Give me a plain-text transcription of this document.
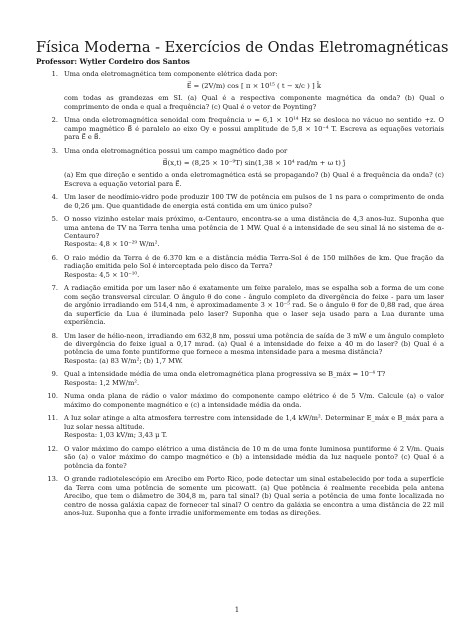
Física Moderna - Exercícios de Ondas Eletromagnéticas
Professor: Wytler Cordeiro dos Santos
1. Uma onda eletromagnética tem componente elétrica dada por:
E⃗ = (2V/m) cos [ π × 10¹⁵ ( t − x/c ) ] k̂
com todas as grandezas em SI. (a) Qual é a respectiva componente magnética da onda? (b) Qual o comprimento de onda e qual a frequência? (c) Qual é o vetor de Poynting?
2. Uma onda eletromagnética senoidal com frequência ν = 6,1 × 10¹⁴ Hz se desloca no vácuo no sentido +z. O campo magnético B⃗ é paralelo ao eixo Oy e possui amplitude de 5,8 × 10⁻⁴ T. Escreva as equações vetoriais para E⃗ e B⃗.
3. Uma onda eletromagnética possui um campo magnético dado por
B⃗(x,t) = (8,25 × 10⁻⁹T) sin(1,38 × 10⁴ rad/m + ω t) ĵ
(a) Em que direção e sentido a onda eletromagnética está se propagando? (b) Qual é a frequência da onda? (c) Escreva a equação vetorial para E⃗.
4. Um laser de neodímio-vidro pode produzir 100 TW de potência em pulsos de 1 ns para o comprimento de onda de 0,26 μm. Que quantidade de energia está contida em um único pulso?
5. O nosso vizinho estelar mais próximo, α-Centauro, encontra-se a uma distância de 4,3 anos-luz. Suponha que uma antena de TV na Terra tenha uma potência de 1 MW. Qual é a intensidade de seu sinal lá no sistema de α-Centauro?
Resposta: 4,8 × 10⁻²⁹ W/m².
6. O raio médio da Terra é de 6.370 km e a distância média Terra-Sol é de 150 milhões de km. Que fração da radiação emitida pelo Sol é interceptada pelo disco da Terra?
Resposta: 4,5 × 10⁻¹⁰.
7. A radiação emitida por um laser não é exatamente um feixe paralelo, mas se espalha sob a forma de um cone com seção transversal circular. O ângulo θ do cone - ângulo completo da divergência do feixe - para um laser de argônio irradiando em 514,4 nm, é aproximadamente 3 × 10⁻⁵ rad. Se o ângulo θ for de 0,88 rad, que área da superfície da Lua é iluminada pelo laser? Suponha que o laser seja usado para a Lua durante uma experiência.
8. Um laser de hélio-neon, irradiando em 632,8 nm, possui uma potência de saída de 3 mW e um ângulo completo de divergência do feixe igual a 0,17 mrad. (a) Qual é a intensidade do feixe a 40 m do laser? (b) Qual é a potência de uma fonte puntiforme que fornece a mesma intensidade para a mesma distância?
Resposta: (a) 83 W/m²; (b) 1,7 MW.
9. Qual a intensidade média de uma onda eletromagnética plana progressiva se B_máx = 10⁻⁴ T?
Resposta: 1,2 MW/m².
10. Numa onda plana de rádio o valor máximo do componente campo elétrico é de 5 V/m. Calcule (a) o valor máximo do componente magnético e (c) a intensidade média da onda.
11. A luz solar atinge a alta atmosfera terrestre com intensidade de 1,4 kW/m². Determinar E_máx e B_máx para a luz solar nessa altitude.
Resposta: 1,03 kV/m; 3,43 μ T.
12. O valor máximo do campo elétrico a uma distância de 10 m de uma fonte luminosa puntiforme é 2 V/m. Quais são (a) o valor máximo do campo magnético e (b) a intensidade média da luz naquele ponto? (c) Qual é a potência da fonte?
13. O grande radiotelescópio em Arecibo em Porto Rico, pode detectar um sinal estabelecido por toda a superfície da Terra com uma potência de somente um picowatt. (a) Que potência é realmente recebida pela antena Arecibo, que tem o diâmetro de 304,8 m, para tal sinal? (b) Qual seria a potência de uma fonte localizada no centro de nossa galáxia capaz de fornecer tal sinal? O centro da galáxia se encontra a uma distância de 22 mil anos-luz. Suponha que a fonte irradie uniformemente em todas as direções.
1
